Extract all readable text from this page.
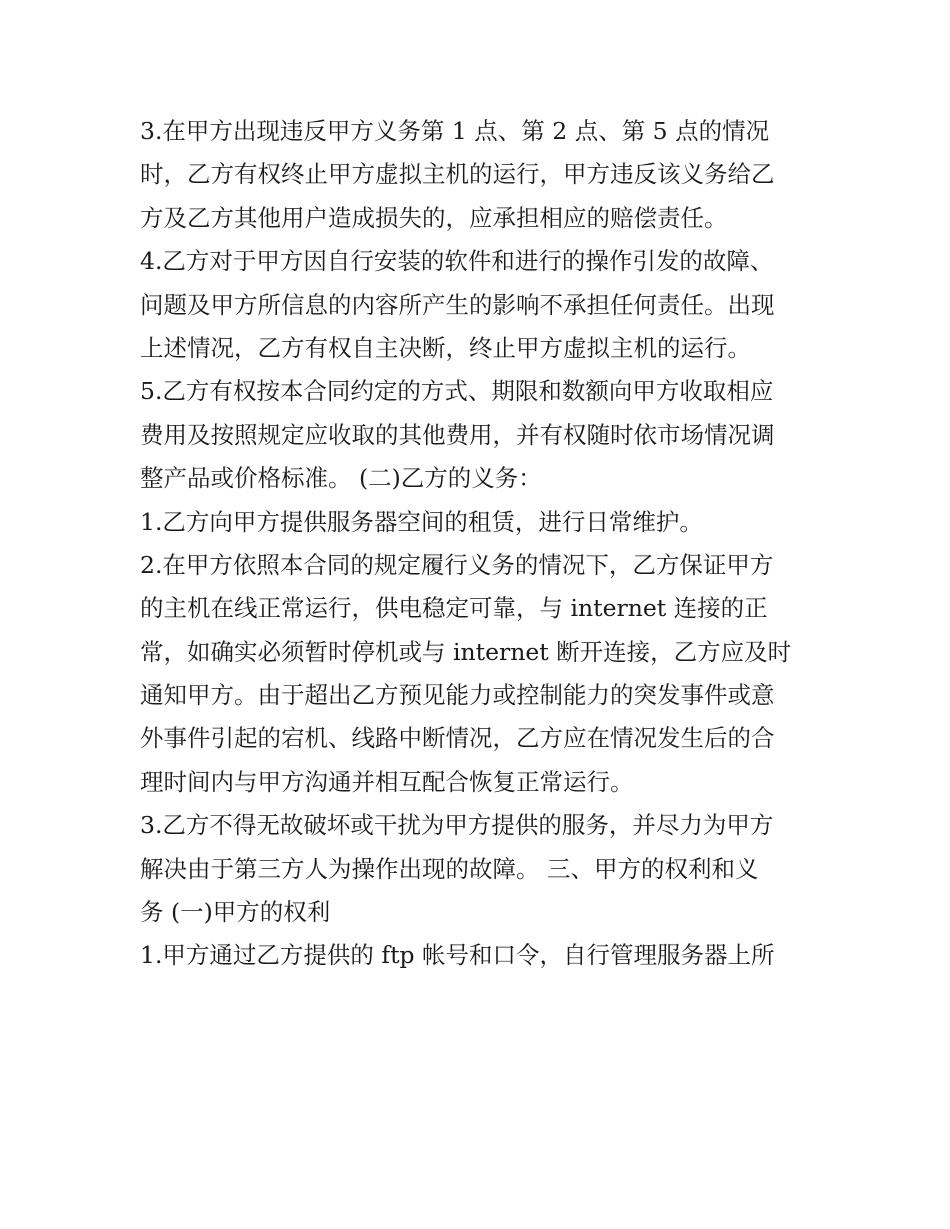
3.在甲方出现违反甲方义务第 1 点、第 2 点、第 5 点的情况
时，乙方有权终止甲方虚拟主机的运行，甲方违反该义务给乙
方及乙方其他用户造成损失的，应承担相应的赔偿责任。
4.乙方对于甲方因自行安装的软件和进行的操作引发的故障、
问题及甲方所信息的内容所产生的影响不承担任何责任。出现
上述情况，乙方有权自主决断，终止甲方虚拟主机的运行。
5.乙方有权按本合同约定的方式、期限和数额向甲方收取相应
费用及按照规定应收取的其他费用，并有权随时依市场情况调
整产品或价格标准。 (二)乙方的义务：
1.乙方向甲方提供服务器空间的租赁，进行日常维护。
2.在甲方依照本合同的规定履行义务的情况下，乙方保证甲方
的主机在线正常运行，供电稳定可靠，与 internet 连接的正
常，如确实必须暂时停机或与 internet 断开连接，乙方应及时
通知甲方。由于超出乙方预见能力或控制能力的突发事件或意
外事件引起的宕机、线路中断情况，乙方应在情况发生后的合
理时间内与甲方沟通并相互配合恢复正常运行。
3.乙方不得无故破坏或干扰为甲方提供的服务，并尽力为甲方
解决由于第三方人为操作出现的故障。 三、甲方的权利和义
务 (一)甲方的权利
1.甲方通过乙方提供的 ftp 帐号和口令，自行管理服务器上所
